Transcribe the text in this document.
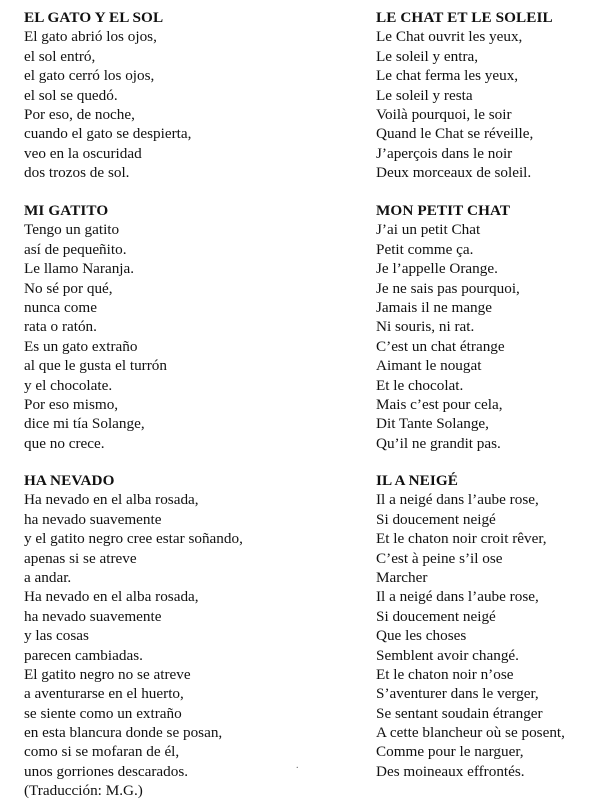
EL GATO Y EL SOL
El gato abrió los ojos,
el sol entró,
el gato cerró los ojos,
el sol se quedó.
Por eso, de noche,
cuando el gato se despierta,
veo en la oscuridad
dos trozos de sol.
MI GATITO
Tengo un gatito
así de pequeñito.
Le llamo Naranja.
No sé por qué,
nunca come
rata o ratón.
Es un gato extraño
al que le gusta el turrón
y el chocolate.
Por eso mismo,
dice mi tía Solange,
que no crece.
HA NEVADO
Ha nevado en el alba rosada,
ha nevado suavemente
y el gatito negro cree estar soñando,
apenas si se atreve
a andar.
Ha nevado en el alba rosada,
ha nevado suavemente
y las cosas
parecen cambiadas.
El gatito negro no se atreve
a aventurarse en el huerto,
se siente como un extraño
en esta blancura donde se posan,
como si se mofaran de él,
unos gorriones descarados.
(Traducción: M.G.)
LE CHAT ET LE SOLEIL
Le Chat ouvrit les yeux,
Le soleil y entra,
Le chat ferma les yeux,
Le soleil y resta
Voilà pourquoi, le soir
Quand le Chat se réveille,
J’aperçois dans le noir
Deux morceaux de soleil.
MON PETIT CHAT
J’ai un petit Chat
Petit comme ça.
Je l’appelle Orange.
Je ne sais pas pourquoi,
Jamais il ne mange
Ni souris, ni rat.
C’est un chat étrange
Aimant le nougat
Et le chocolat.
Mais c’est pour cela,
Dit Tante Solange,
Qu’il ne grandit pas.
IL A NEIGÉ
Il a neigé dans l’aube rose,
Si doucement neigé
Et le chaton noir croit rêver,
C’est à peine s’il ose
Marcher
Il a neigé dans l’aube rose,
Si doucement neigé
Que les choses
Semblent avoir changé.
Et le chaton noir n’ose
S’aventurer dans le verger,
Se sentant soudain étranger
A cette blancheur où se posent,
Comme pour le narguer,
Des moineaux effrontés.
.
